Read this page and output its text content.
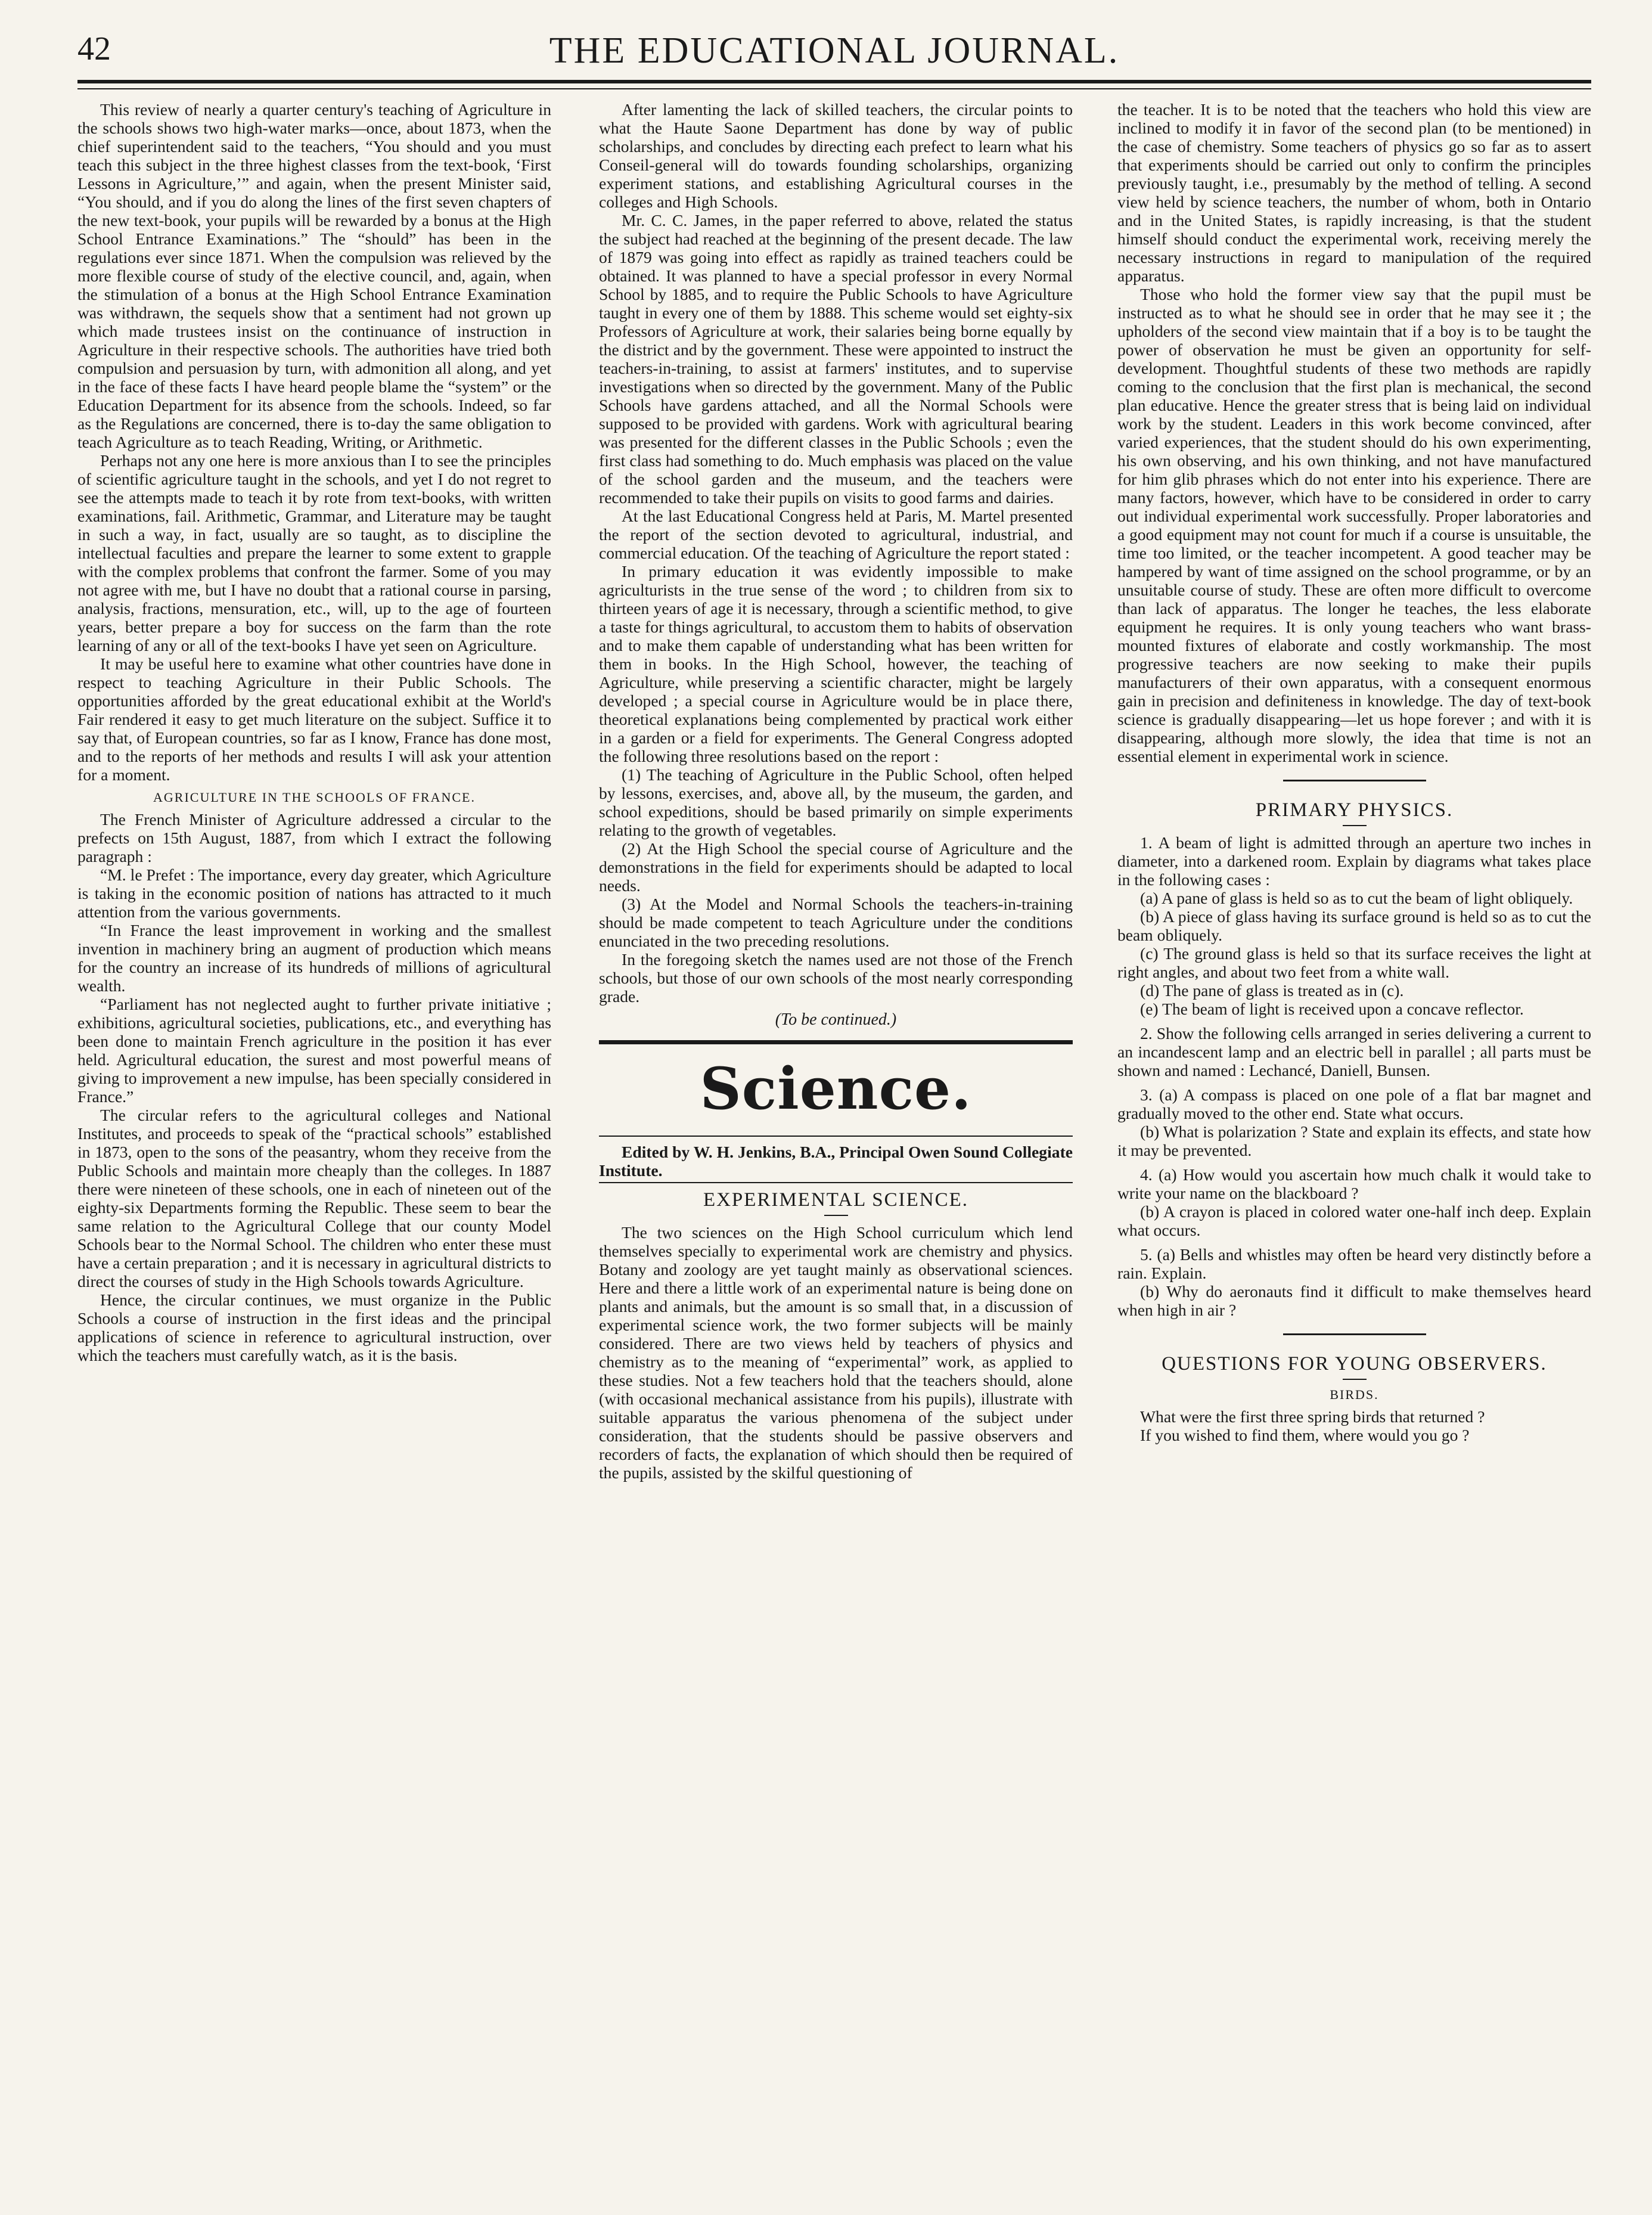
42	THE EDUCATIONAL JOURNAL.

This review of nearly a quarter century's teaching of Agriculture in the schools shows two high-water marks—once, about 1873, when the chief superintendent said to the teachers, “You should and you must teach this subject in the three highest classes from the text-book, ‘First Lessons in Agriculture,’” and again, when the present Minister said, “You should, and if you do along the lines of the first seven chapters of the new text-book, your pupils will be rewarded by a bonus at the High School Entrance Examinations.” The “should” has been in the regulations ever since 1871. When the compulsion was relieved by the more flexible course of study of the elective council, and, again, when the stimulation of a bonus at the High School Entrance Examination was withdrawn, the sequels show that a sentiment had not grown up which made trustees insist on the continuance of instruction in Agriculture in their respective schools. The authorities have tried both compulsion and persuasion by turn, with admonition all along, and yet in the face of these facts I have heard people blame the “system” or the Education Department for its absence from the schools. Indeed, so far as the Regulations are concerned, there is to-day the same obligation to teach Agriculture as to teach Reading, Writing, or Arithmetic.

Perhaps not any one here is more anxious than I to see the principles of scientific agriculture taught in the schools, and yet I do not regret to see the attempts made to teach it by rote from text-books, with written examinations, fail. Arithmetic, Grammar, and Literature may be taught in such a way, in fact, usually are so taught, as to discipline the intellectual faculties and prepare the learner to some extent to grapple with the complex problems that confront the farmer. Some of you may not agree with me, but I have no doubt that a rational course in parsing, analysis, fractions, mensuration, etc., will, up to the age of fourteen years, better prepare a boy for success on the farm than the rote learning of any or all of the text-books I have yet seen on Agriculture.

It may be useful here to examine what other countries have done in respect to teaching Agriculture in their Public Schools. The opportunities afforded by the great educational exhibit at the World's Fair rendered it easy to get much literature on the subject. Suffice it to say that, of European countries, so far as I know, France has done most, and to the reports of her methods and results I will ask your attention for a moment.

AGRICULTURE IN THE SCHOOLS OF FRANCE.

The French Minister of Agriculture addressed a circular to the prefects on 15th August, 1887, from which I extract the following paragraph :

“M. le Prefet : The importance, every day greater, which Agriculture is taking in the economic position of nations has attracted to it much attention from the various governments.

“In France the least improvement in working and the smallest invention in machinery bring an augment of production which means for the country an increase of its hundreds of millions of agricultural wealth.

“Parliament has not neglected aught to further private initiative ; exhibitions, agricultural societies, publications, etc., and everything has been done to maintain French agriculture in the position it has ever held. Agricultural education, the surest and most powerful means of giving to improvement a new impulse, has been specially considered in France.”

The circular refers to the agricultural colleges and National Institutes, and proceeds to speak of the “practical schools” established in 1873, open to the sons of the peasantry, whom they receive from the Public Schools and maintain more cheaply than the colleges. In 1887 there were nineteen of these schools, one in each of nineteen out of the eighty-six Departments forming the Republic. These seem to bear the same relation to the Agricultural College that our county Model Schools bear to the Normal School. The children who enter these must have a certain preparation ; and it is necessary in agricultural districts to direct the courses of study in the High Schools towards Agriculture.

Hence, the circular continues, we must organize in the Public Schools a course of instruction in the first ideas and the principal applications of science in reference to agricultural instruction, over which the teachers must carefully watch, as it is the basis.

After lamenting the lack of skilled teachers, the circular points to what the Haute Saone Department has done by way of public scholarships, and concludes by directing each prefect to learn what his Conseil-general will do towards founding scholarships, organizing experiment stations, and establishing Agricultural courses in the colleges and High Schools.

Mr. C. C. James, in the paper referred to above, related the status the subject had reached at the beginning of the present decade. The law of 1879 was going into effect as rapidly as trained teachers could be obtained. It was planned to have a special professor in every Normal School by 1885, and to require the Public Schools to have Agriculture taught in every one of them by 1888. This scheme would set eighty-six Professors of Agriculture at work, their salaries being borne equally by the district and by the government. These were appointed to instruct the teachers-in-training, to assist at farmers' institutes, and to supervise investigations when so directed by the government. Many of the Public Schools have gardens attached, and all the Normal Schools were supposed to be provided with gardens. Work with agricultural bearing was presented for the different classes in the Public Schools ; even the first class had something to do. Much emphasis was placed on the value of the school garden and the museum, and the teachers were recommended to take their pupils on visits to good farms and dairies.

At the last Educational Congress held at Paris, M. Martel presented the report of the section devoted to agricultural, industrial, and commercial education. Of the teaching of Agriculture the report stated :

In primary education it was evidently impossible to make agriculturists in the true sense of the word ; to children from six to thirteen years of age it is necessary, through a scientific method, to give a taste for things agricultural, to accustom them to habits of observation and to make them capable of understanding what has been written for them in books. In the High School, however, the teaching of Agriculture, while preserving a scientific character, might be largely developed ; a special course in Agriculture would be in place there, theoretical explanations being complemented by practical work either in a garden or a field for experiments. The General Congress adopted the following three resolutions based on the report :

(1) The teaching of Agriculture in the Public School, often helped by lessons, exercises, and, above all, by the museum, the garden, and school expeditions, should be based primarily on simple experiments relating to the growth of vegetables.

(2) At the High School the special course of Agriculture and the demonstrations in the field for experiments should be adapted to local needs.

(3) At the Model and Normal Schools the teachers-in-training should be made competent to teach Agriculture under the conditions enunciated in the two preceding resolutions.

In the foregoing sketch the names used are not those of the French schools, but those of our own schools of the most nearly corresponding grade.

(To be continued.)
Science.

Edited by W. H. Jenkins, B.A., Principal Owen Sound Collegiate Institute.

EXPERIMENTAL SCIENCE.

The two sciences on the High School curriculum which lend themselves specially to experimental work are chemistry and physics. Botany and zoology are yet taught mainly as observational sciences. Here and there a little work of an experimental nature is being done on plants and animals, but the amount is so small that, in a discussion of experimental science work, the two former subjects will be mainly considered. There are two views held by teachers of physics and chemistry as to the meaning of “experimental” work, as applied to these studies. Not a few teachers hold that the teachers should, alone (with occasional mechanical assistance from his pupils), illustrate with suitable apparatus the various phenomena of the subject under consideration, that the students should be passive observers and recorders of facts, the explanation of which should then be required of the pupils, assisted by the skilful questioning of

the teacher. It is to be noted that the teachers who hold this view are inclined to modify it in favor of the second plan (to be mentioned) in the case of chemistry. Some teachers of physics go so far as to assert that experiments should be carried out only to confirm the principles previously taught, i.e., presumably by the method of telling. A second view held by science teachers, the number of whom, both in Ontario and in the United States, is rapidly increasing, is that the student himself should conduct the experimental work, receiving merely the necessary instructions in regard to manipulation of the required apparatus.

Those who hold the former view say that the pupil must be instructed as to what he should see in order that he may see it ; the upholders of the second view maintain that if a boy is to be taught the power of observation he must be given an opportunity for self-development. Thoughtful students of these two methods are rapidly coming to the conclusion that the first plan is mechanical, the second plan educative. Hence the greater stress that is being laid on individual work by the student. Leaders in this work become convinced, after varied experiences, that the student should do his own experimenting, his own observing, and his own thinking, and not have manufactured for him glib phrases which do not enter into his experience. There are many factors, however, which have to be considered in order to carry out individual experimental work successfully. Proper laboratories and a good equipment may not count for much if a course is unsuitable, the time too limited, or the teacher incompetent. A good teacher may be hampered by want of time assigned on the school programme, or by an unsuitable course of study. These are often more difficult to overcome than lack of apparatus. The longer he teaches, the less elaborate equipment he requires. It is only young teachers who want brass-mounted fixtures of elaborate and costly workmanship. The most progressive teachers are now seeking to make their pupils manufacturers of their own apparatus, with a consequent enormous gain in precision and definiteness in knowledge. The day of text-book science is gradually disappearing—let us hope forever ; and with it is disappearing, although more slowly, the idea that time is not an essential element in experimental work in science.

PRIMARY PHYSICS.

1. A beam of light is admitted through an aperture two inches in diameter, into a darkened room. Explain by diagrams what takes place in the following cases :

(a) A pane of glass is held so as to cut the beam of light obliquely.

(b) A piece of glass having its surface ground is held so as to cut the beam obliquely.

(c) The ground glass is held so that its surface receives the light at right angles, and about two feet from a white wall.

(d) The pane of glass is treated as in (c).

(e) The beam of light is received upon a concave reflector.

2. Show the following cells arranged in series delivering a current to an incandescent lamp and an electric bell in parallel ; all parts must be shown and named : Lechancé, Daniell, Bunsen.

3. (a) A compass is placed on one pole of a flat bar magnet and gradually moved to the other end. State what occurs.

(b) What is polarization ? State and explain its effects, and state how it may be prevented.

4. (a) How would you ascertain how much chalk it would take to write your name on the blackboard ?

(b) A crayon is placed in colored water one-half inch deep. Explain what occurs.

5. (a) Bells and whistles may often be heard very distinctly before a rain. Explain.

(b) Why do aeronauts find it difficult to make themselves heard when high in air ?

QUESTIONS FOR YOUNG OBSERVERS.
BIRDS.

What were the first three spring birds that returned ?

If you wished to find them, where would you go ?
